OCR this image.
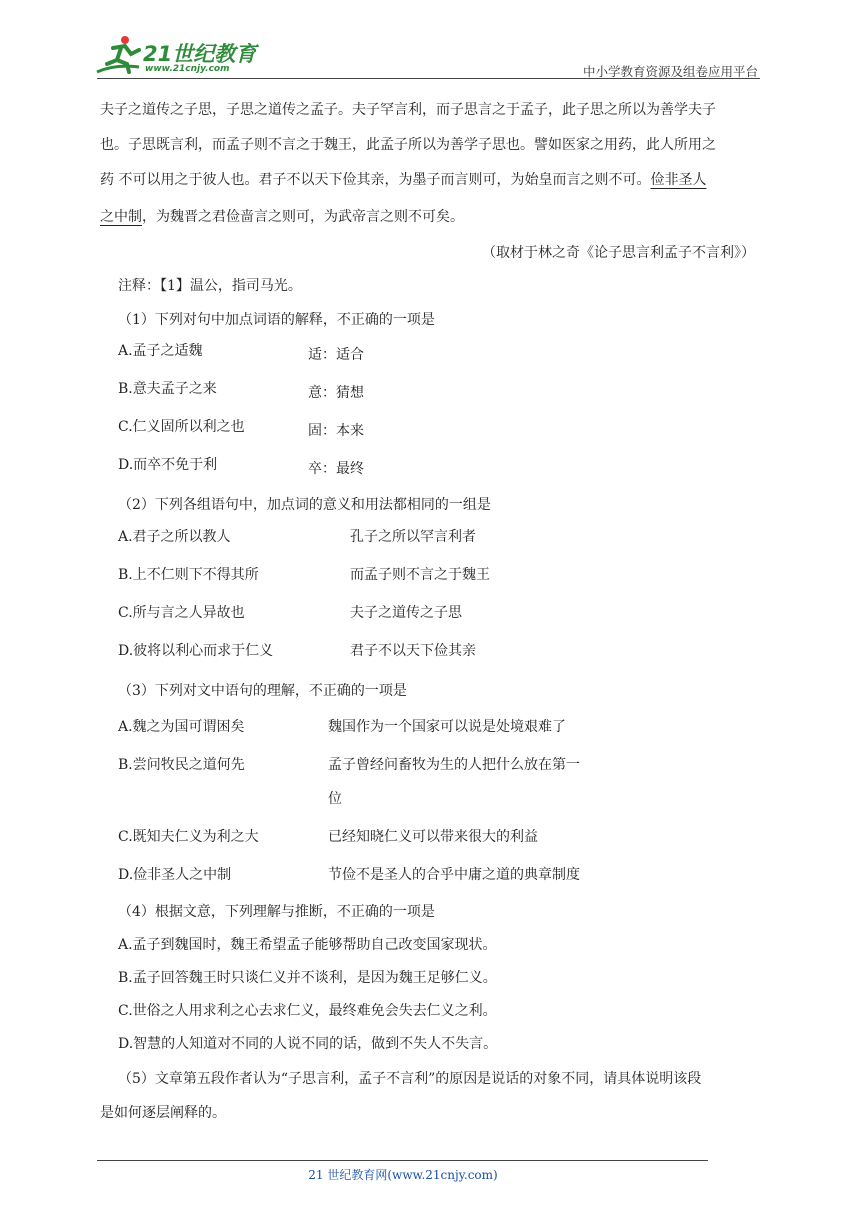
21世纪教育
www.21cnjy.com	中小学教育资源及组卷应用平台
夫子之道传之子思，子思之道传之孟子。夫子罕言利，而子思言之于孟子，此子思之所以为善学夫子
也。子思既言利，而孟子则不言之于魏王，此孟子所以为善学子思也。譬如医家之用药，此人所用之
药 不可以用之于彼人也。君子不以天下俭其亲，为墨子而言则可，为始皇而言之则不可。俭非圣人
之中制，为魏晋之君俭啬言之则可，为武帝言之则不可矣。
（取材于林之奇《论子思言利孟子不言利》）
注释：【1】温公，指司马光。
（1）下列对句中加点词语的解释，不正确的一项是
A.孟子之适魏	适：适合
B.意夫孟子之来	意：猜想
C.仁义固所以利之也	固：本来
D.而卒不免于利	卒：最终
（2）下列各组语句中，加点词的意义和用法都相同的一组是
A.君子之所以教人	孔子之所以罕言利者
B.上不仁则下不得其所	而孟子则不言之于魏王
C.所与言之人异故也	夫子之道传之子思
D.彼将以利心而求于仁义	君子不以天下俭其亲
（3）下列对文中语句的理解，不正确的一项是
A.魏之为国可谓困矣	魏国作为一个国家可以说是处境艰难了
B.尝问牧民之道何先	孟子曾经问畜牧为生的人把什么放在第一
位
C.既知夫仁义为利之大	已经知晓仁义可以带来很大的利益
D.俭非圣人之中制	节俭不是圣人的合乎中庸之道的典章制度
（4）根据文意，下列理解与推断，不正确的一项是
A.孟子到魏国时，魏王希望孟子能够帮助自己改变国家现状。
B.孟子回答魏王时只谈仁义并不谈利，是因为魏王足够仁义。
C.世俗之人用求利之心去求仁义，最终难免会失去仁义之利。
D.智慧的人知道对不同的人说不同的话，做到不失人不失言。
（5）文章第五段作者认为“子思言利，孟子不言利”的原因是说话的对象不同，请具体说明该段
是如何逐层阐释的。
21 世纪教育网(www.21cnjy.com)
